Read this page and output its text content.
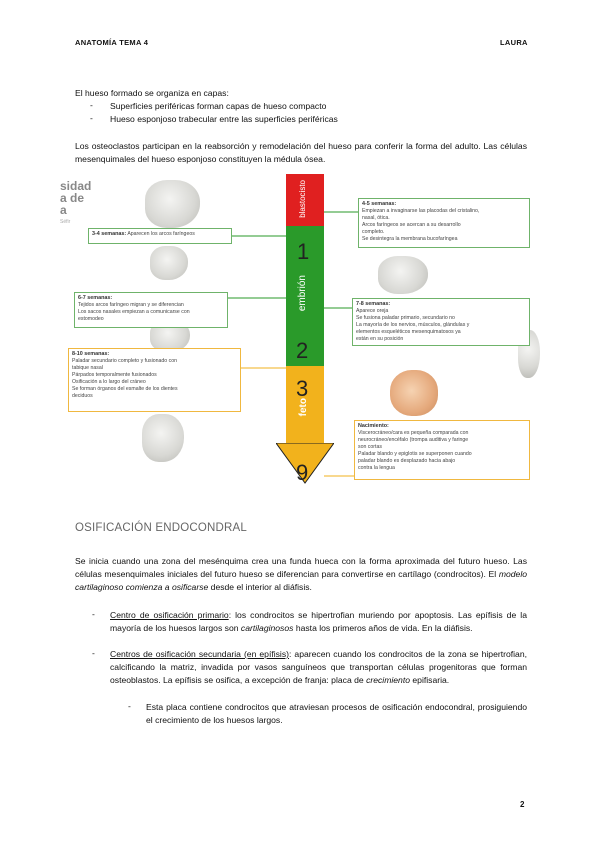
ANATOMÍA TEMA 4	LAURA
El hueso formado se organiza en capas:
- Superficies periféricas forman capas de hueso compacto
- Hueso esponjoso trabecular entre las superficies periféricas
Los osteoclastos participan en la reabsorción y remodelación del hueso para conferir la forma del adulto. Las células mesenquimales del hueso esponjoso constituyen la médula ósea.
sidad
a de
a
Séfir
blastocisto
embrión
feto
1
2
3
9
3-4 semanas: Aparecen los arcos faríngeos
4-5 semanas:
Empiezan a invaginarse las placodas del cristalino,
nasal, ótica.
Arcos faríngeos se acercan a su desarrollo
completo.
Se desintegra la membrana bucofaríngea
6-7 semanas:
Tejidos arcos faríngeo migran y se diferencian
Los sacos nasales empiezan a comunicarse con
estomodeo
7-8 semanas:
Aparece oreja
Se fusiona paladar primario, secundario no
La mayoría de los nervios, músculos, glándulas y
elementos esqueléticos mesenquimatosos ya
están en su posición
8-10 semanas:
Paladar secundario completo y fusionado con
tabique nasal
Párpados temporalmente fusionados
Osificación a lo largo del cráneo
Se forman órganos del esmalte de los dientes
deciduos
Nacimiento:
Viscerocráneo/cara es pequeña comparada con
neurocráneo/encéfalo (trompa auditiva y faringe
son cortas
Paladar blando y epiglotis se superponen cuando
paladar blando es desplazado hacia abajo
contra la lengua
OSIFICACIÓN ENDOCONDRAL
Se inicia cuando una zona del mesénquima crea una funda hueca con la forma aproximada del futuro hueso. Las células mesenquimales iniciales del futuro hueso se diferencian para convertirse en cartílago (condrocitos). El modelo cartilaginoso comienza a osificarse desde el interior al diáfisis.
- Centro de osificación primario: los condrocitos se hipertrofian muriendo por apoptosis. Las epífisis de la mayoría de los huesos largos son cartilaginosos hasta los primeros años de vida. En la diáfisis.
- Centros de osificación secundaria (en epífisis): aparecen cuando los condrocitos de la zona se hipertrofian, calcificando la matriz, invadida por vasos sanguíneos que transportan células progenitoras que forman osteoblastos. La epífisis se osifica, a excepción de franja: placa de crecimiento epifisaria.
- Esta placa contiene condrocitos que atraviesan procesos de osificación endocondral, prosiguiendo el crecimiento de los huesos largos.
2
